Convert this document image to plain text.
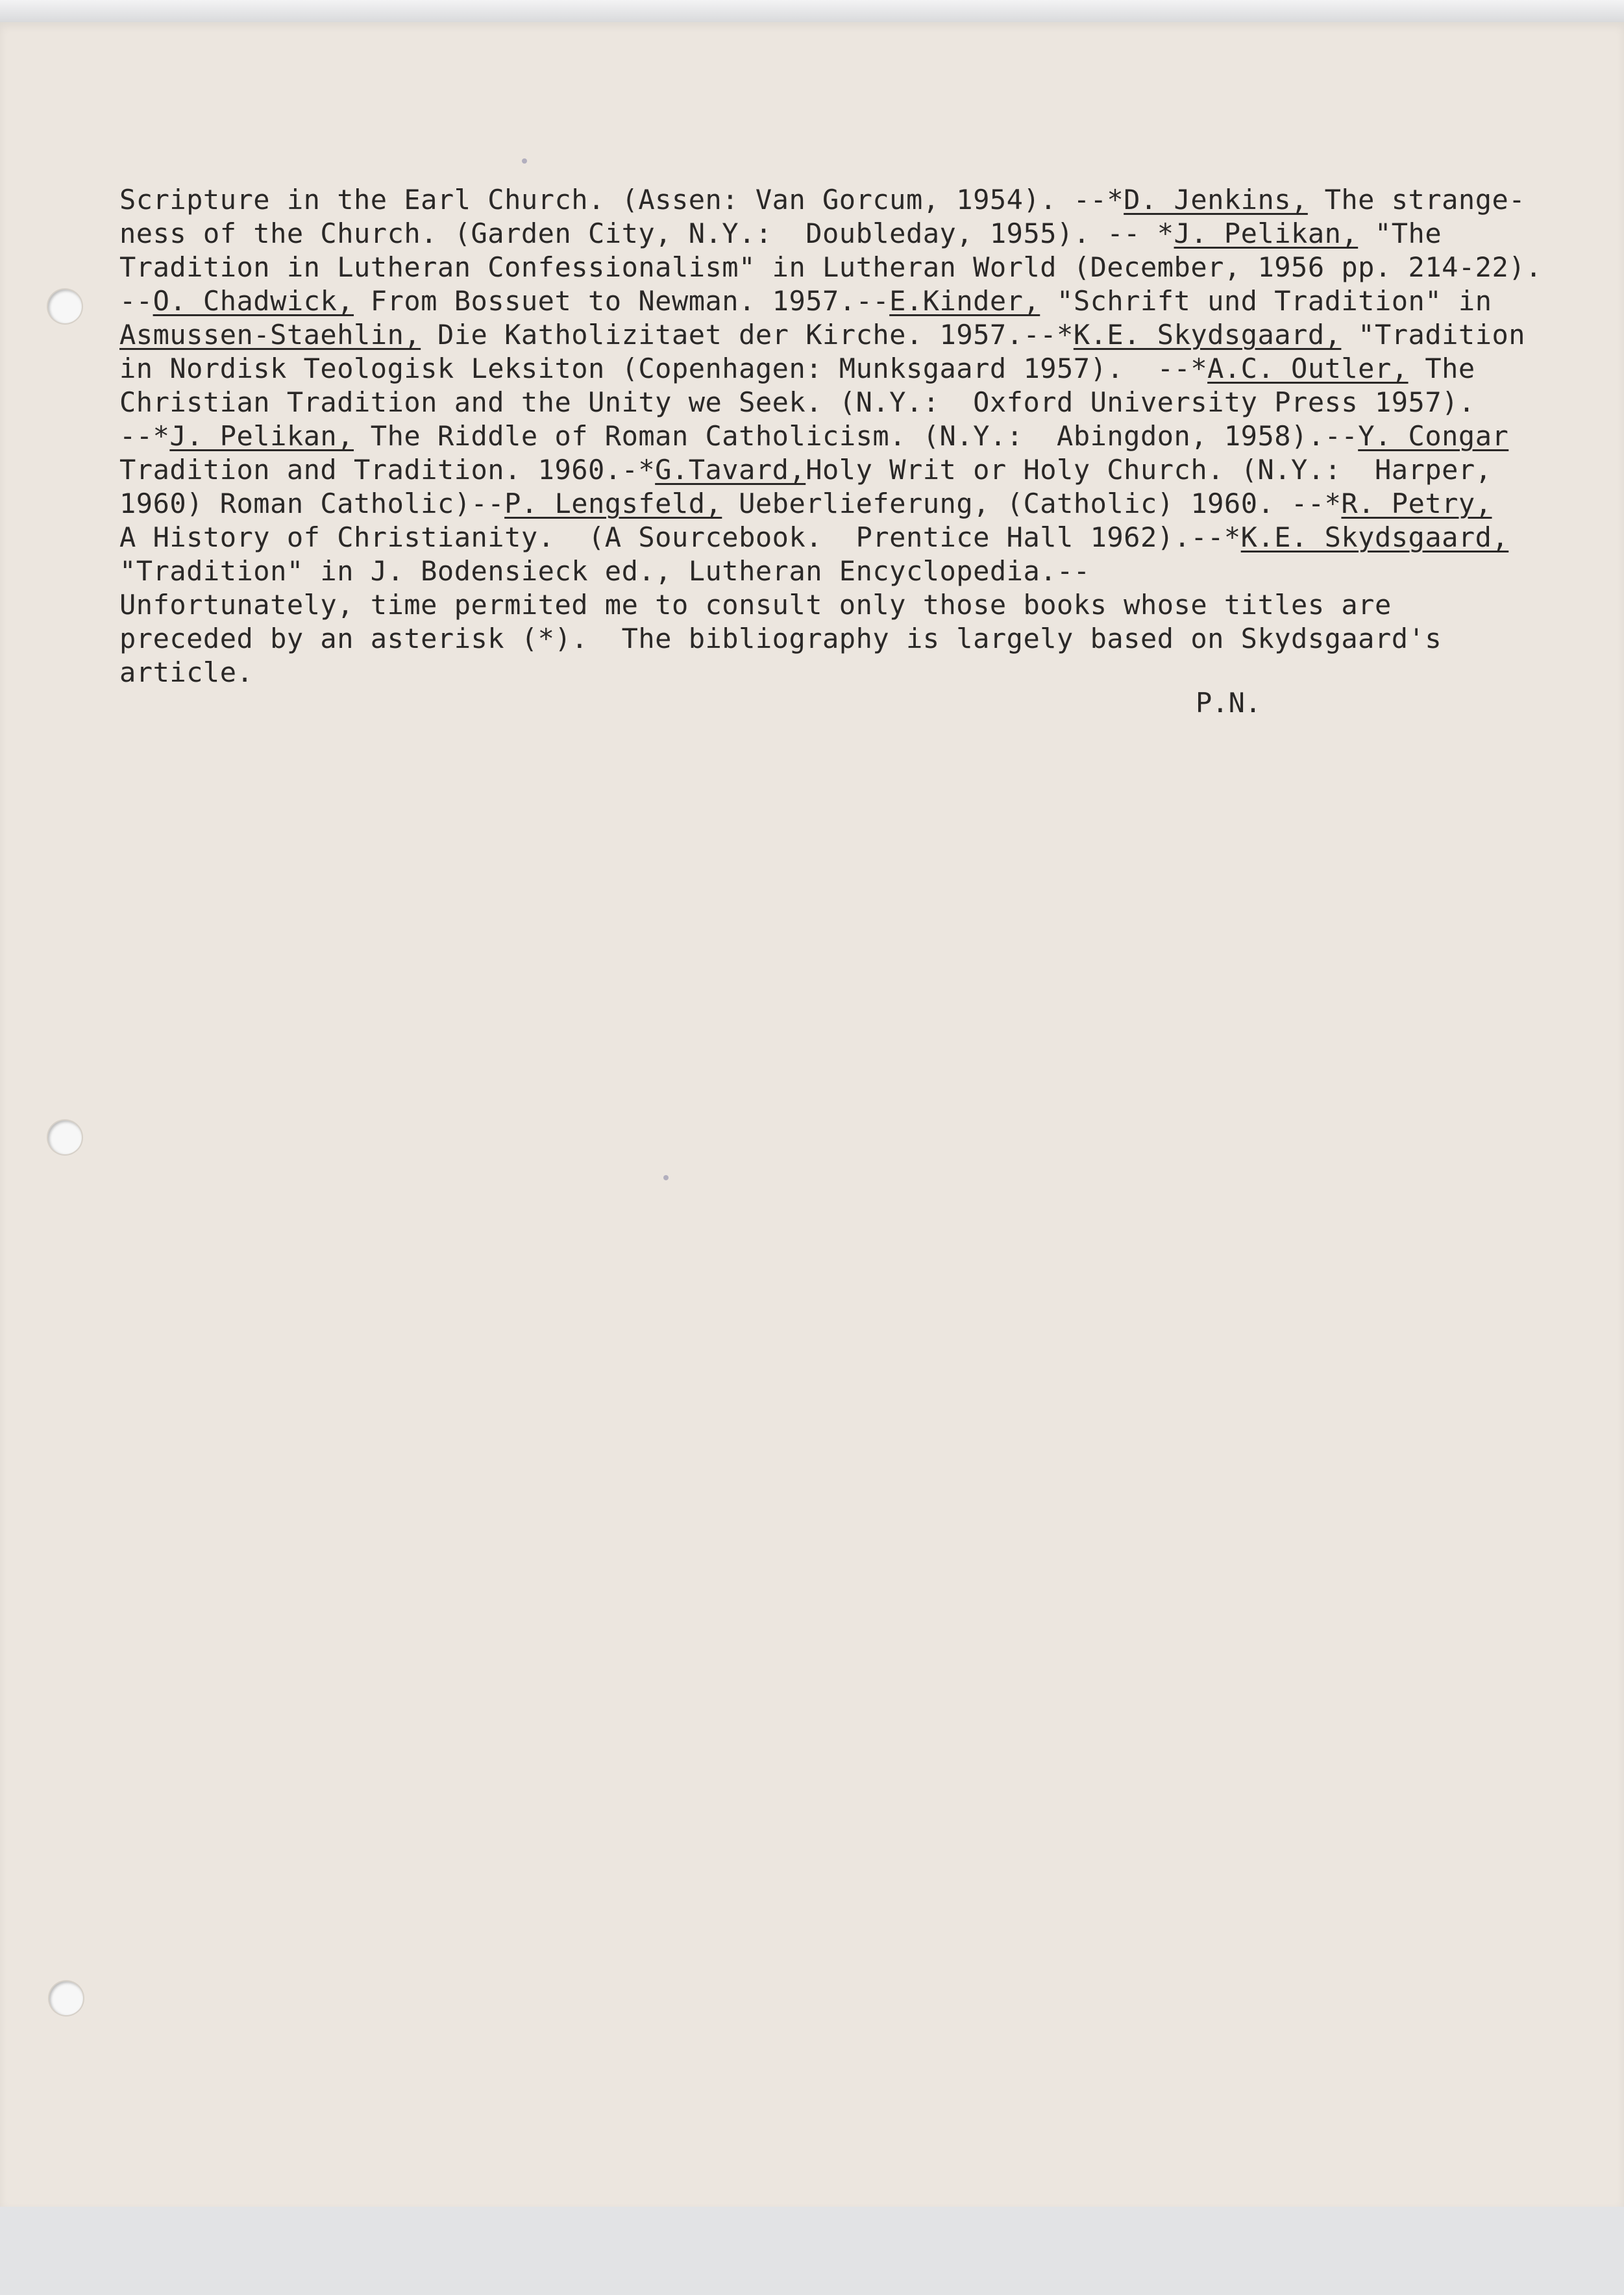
Scripture in the Earl Church. (Assen: Van Gorcum, 1954). --*D. Jenkins, The strange-
ness of the Church. (Garden City, N.Y.:  Doubleday, 1955). -- *J. Pelikan, "The
Tradition in Lutheran Confessionalism" in Lutheran World (December, 1956 pp. 214-22).
--O. Chadwick, From Bossuet to Newman. 1957.--E.Kinder, "Schrift und Tradition" in
Asmussen-Staehlin, Die Katholizitaet der Kirche. 1957.--*K.E. Skydsgaard, "Tradition
in Nordisk Teologisk Leksiton (Copenhagen: Munksgaard 1957).  --*A.C. Outler, The
Christian Tradition and the Unity we Seek. (N.Y.:  Oxford University Press 1957).
--*J. Pelikan, The Riddle of Roman Catholicism. (N.Y.:  Abingdon, 1958).--Y. Congar
Tradition and Tradition. 1960.-*G.Tavard,Holy Writ or Holy Church. (N.Y.:  Harper,
1960) Roman Catholic)--P. Lengsfeld, Ueberlieferung, (Catholic) 1960. --*R. Petry,
A History of Christianity.  (A Sourcebook.  Prentice Hall 1962).--*K.E. Skydsgaard,
"Tradition" in J. Bodensieck ed., Lutheran Encyclopedia.--
Unfortunately, time permited me to consult only those books whose titles are
preceded by an asterisk (*).  The bibliography is largely based on Skydsgaard's
article.
P.N.
